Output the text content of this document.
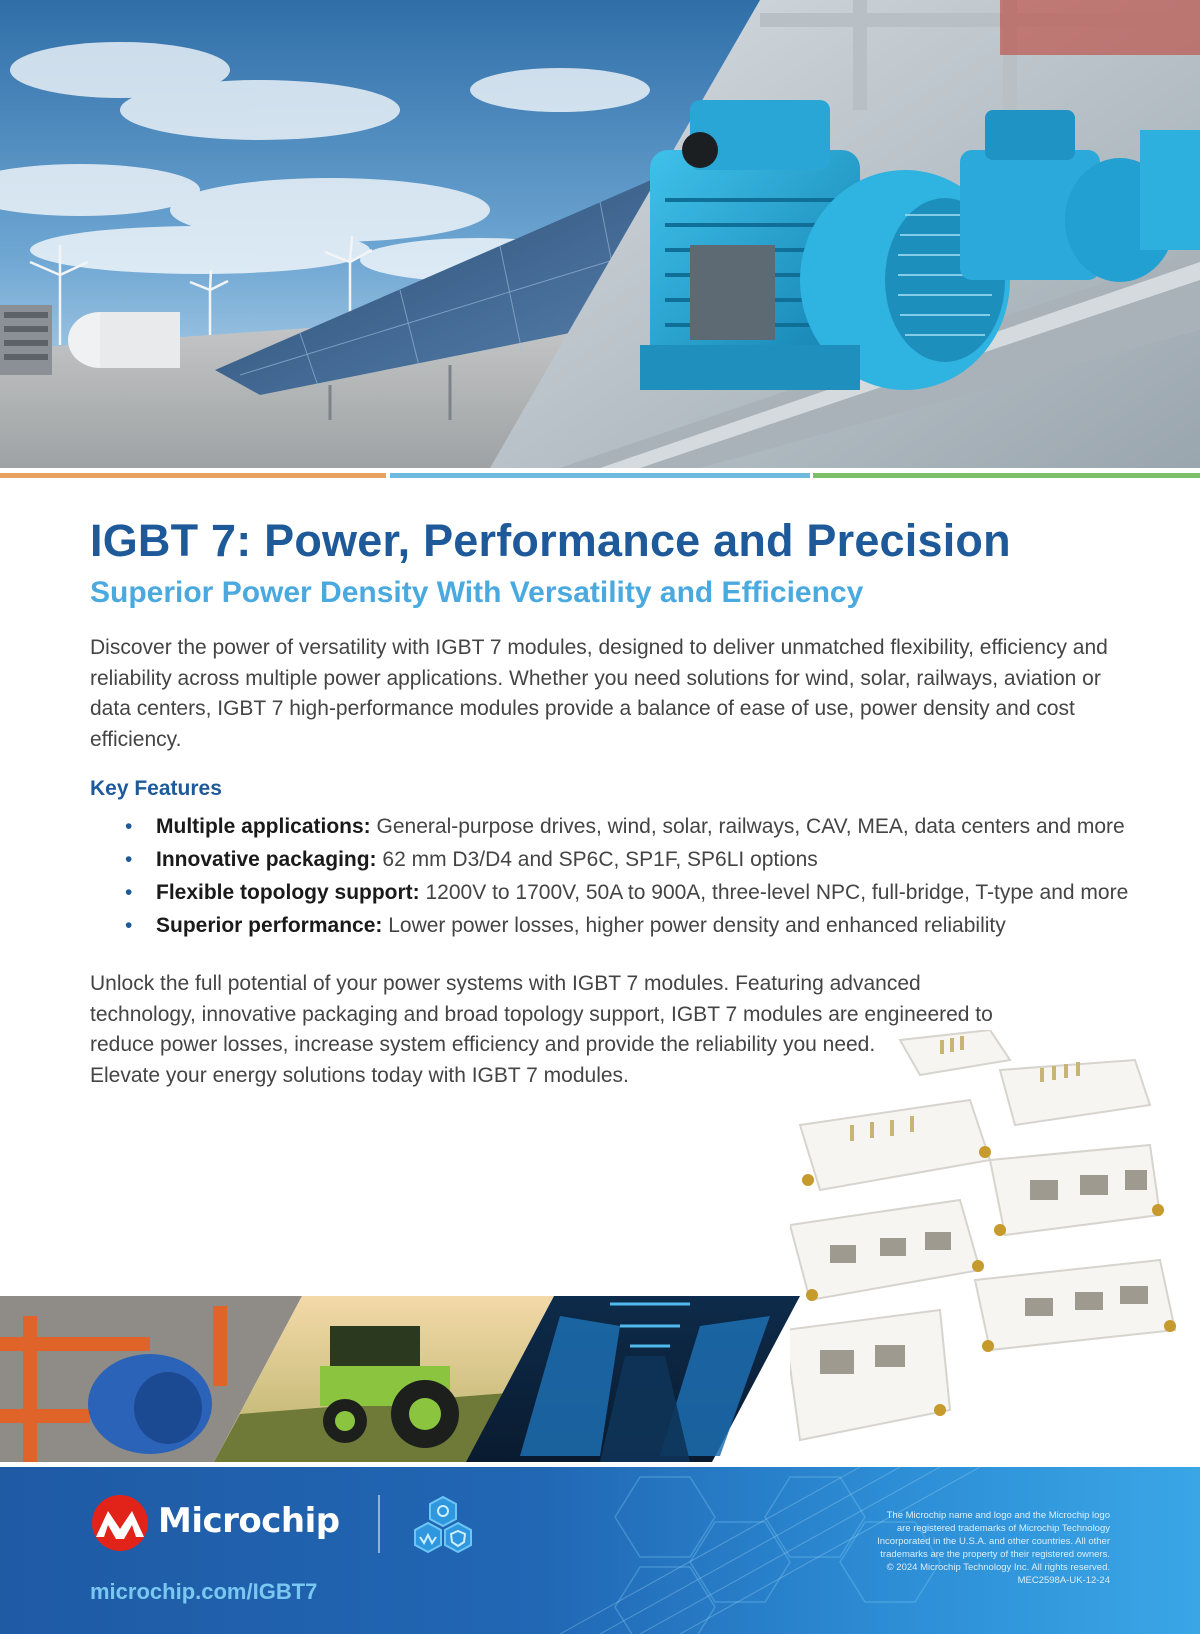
IGBT 7: Power, Performance and Precision
Superior Power Density With Versatility and Efficiency

Discover the power of versatility with IGBT 7 modules, designed to deliver unmatched flexibility, efficiency and reliability across multiple power applications. Whether you need solutions for wind, solar, railways, aviation or data centers, IGBT 7 high-performance modules provide a balance of ease of use, power density and cost efficiency.

Key Features
• Multiple applications: General-purpose drives, wind, solar, railways, CAV, MEA, data centers and more
• Innovative packaging: 62 mm D3/D4 and SP6C, SP1F, SP6LI options
• Flexible topology support: 1200V to 1700V, 50A to 900A, three-level NPC, full-bridge, T-type and more
• Superior performance: Lower power losses, higher power density and enhanced reliability

Unlock the full potential of your power systems with IGBT 7 modules. Featuring advanced
technology, innovative packaging and broad topology support, IGBT 7 modules are engineered to
reduce power losses, increase system efficiency and provide the reliability you need.
Elevate your energy solutions today with IGBT 7 modules.

Microchip
microchip.com/IGBT7
The Microchip name and logo and the Microchip logo
are registered trademarks of Microchip Technology
Incorporated in the U.S.A. and other countries. All other
trademarks are the property of their registered owners.
© 2024 Microchip Technology Inc. All rights reserved.
MEC2598A-UK-12-24
